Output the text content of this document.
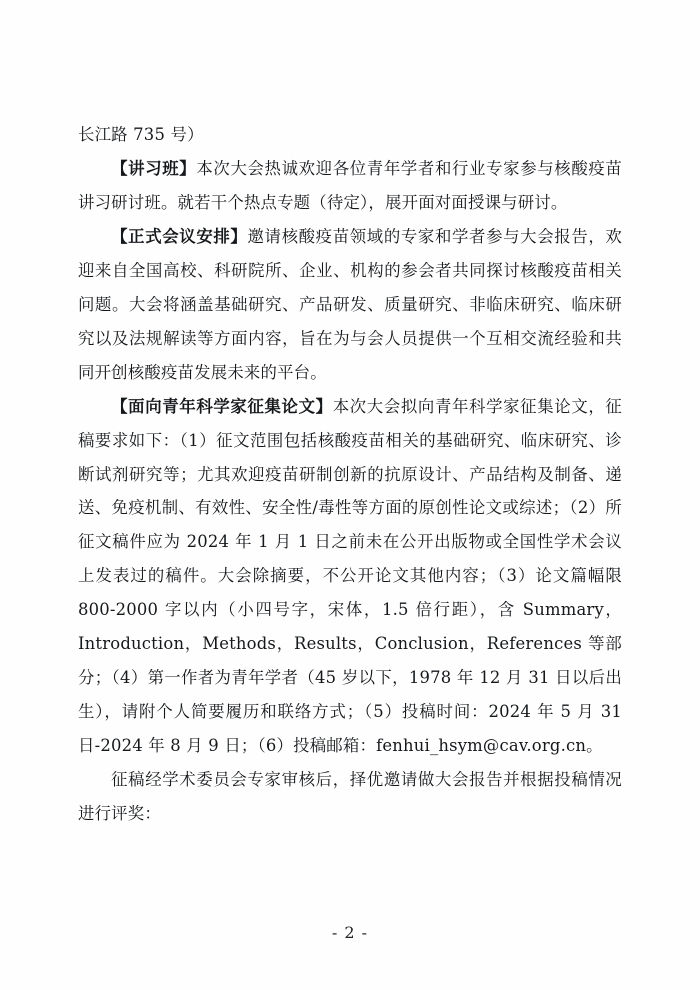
长江路 735 号）

【讲习班】本次大会热诚欢迎各位青年学者和行业专家参与核酸疫苗讲习研讨班。就若干个热点专题（待定），展开面对面授课与研讨。

【正式会议安排】邀请核酸疫苗领域的专家和学者参与大会报告，欢迎来自全国高校、科研院所、企业、机构的参会者共同探讨核酸疫苗相关问题。大会将涵盖基础研究、产品研发、质量研究、非临床研究、临床研究以及法规解读等方面内容，旨在为与会人员提供一个互相交流经验和共同开创核酸疫苗发展未来的平台。

【面向青年科学家征集论文】本次大会拟向青年科学家征集论文，征稿要求如下：（1）征文范围包括核酸疫苗相关的基础研究、临床研究、诊断试剂研究等；尤其欢迎疫苗研制创新的抗原设计、产品结构及制备、递送、免疫机制、有效性、安全性/毒性等方面的原创性论文或综述；（2）所征文稿件应为 2024 年 1 月 1 日之前未在公开出版物或全国性学术会议上发表过的稿件。大会除摘要，不公开论文其他内容；（3）论文篇幅限 800-2000 字以内（小四号字，宋体，1.5 倍行距），含 Summary，Introduction，Methods，Results，Conclusion，References 等部分；（4）第一作者为青年学者（45 岁以下，1978 年 12 月 31 日以后出生），请附个人简要履历和联络方式；（5）投稿时间：2024 年 5 月 31 日-2024 年 8 月 9 日；（6）投稿邮箱：fenhui_hsym@cav.org.cn。

征稿经学术委员会专家审核后，择优邀请做大会报告并根据投稿情况进行评奖：

- 2 -
